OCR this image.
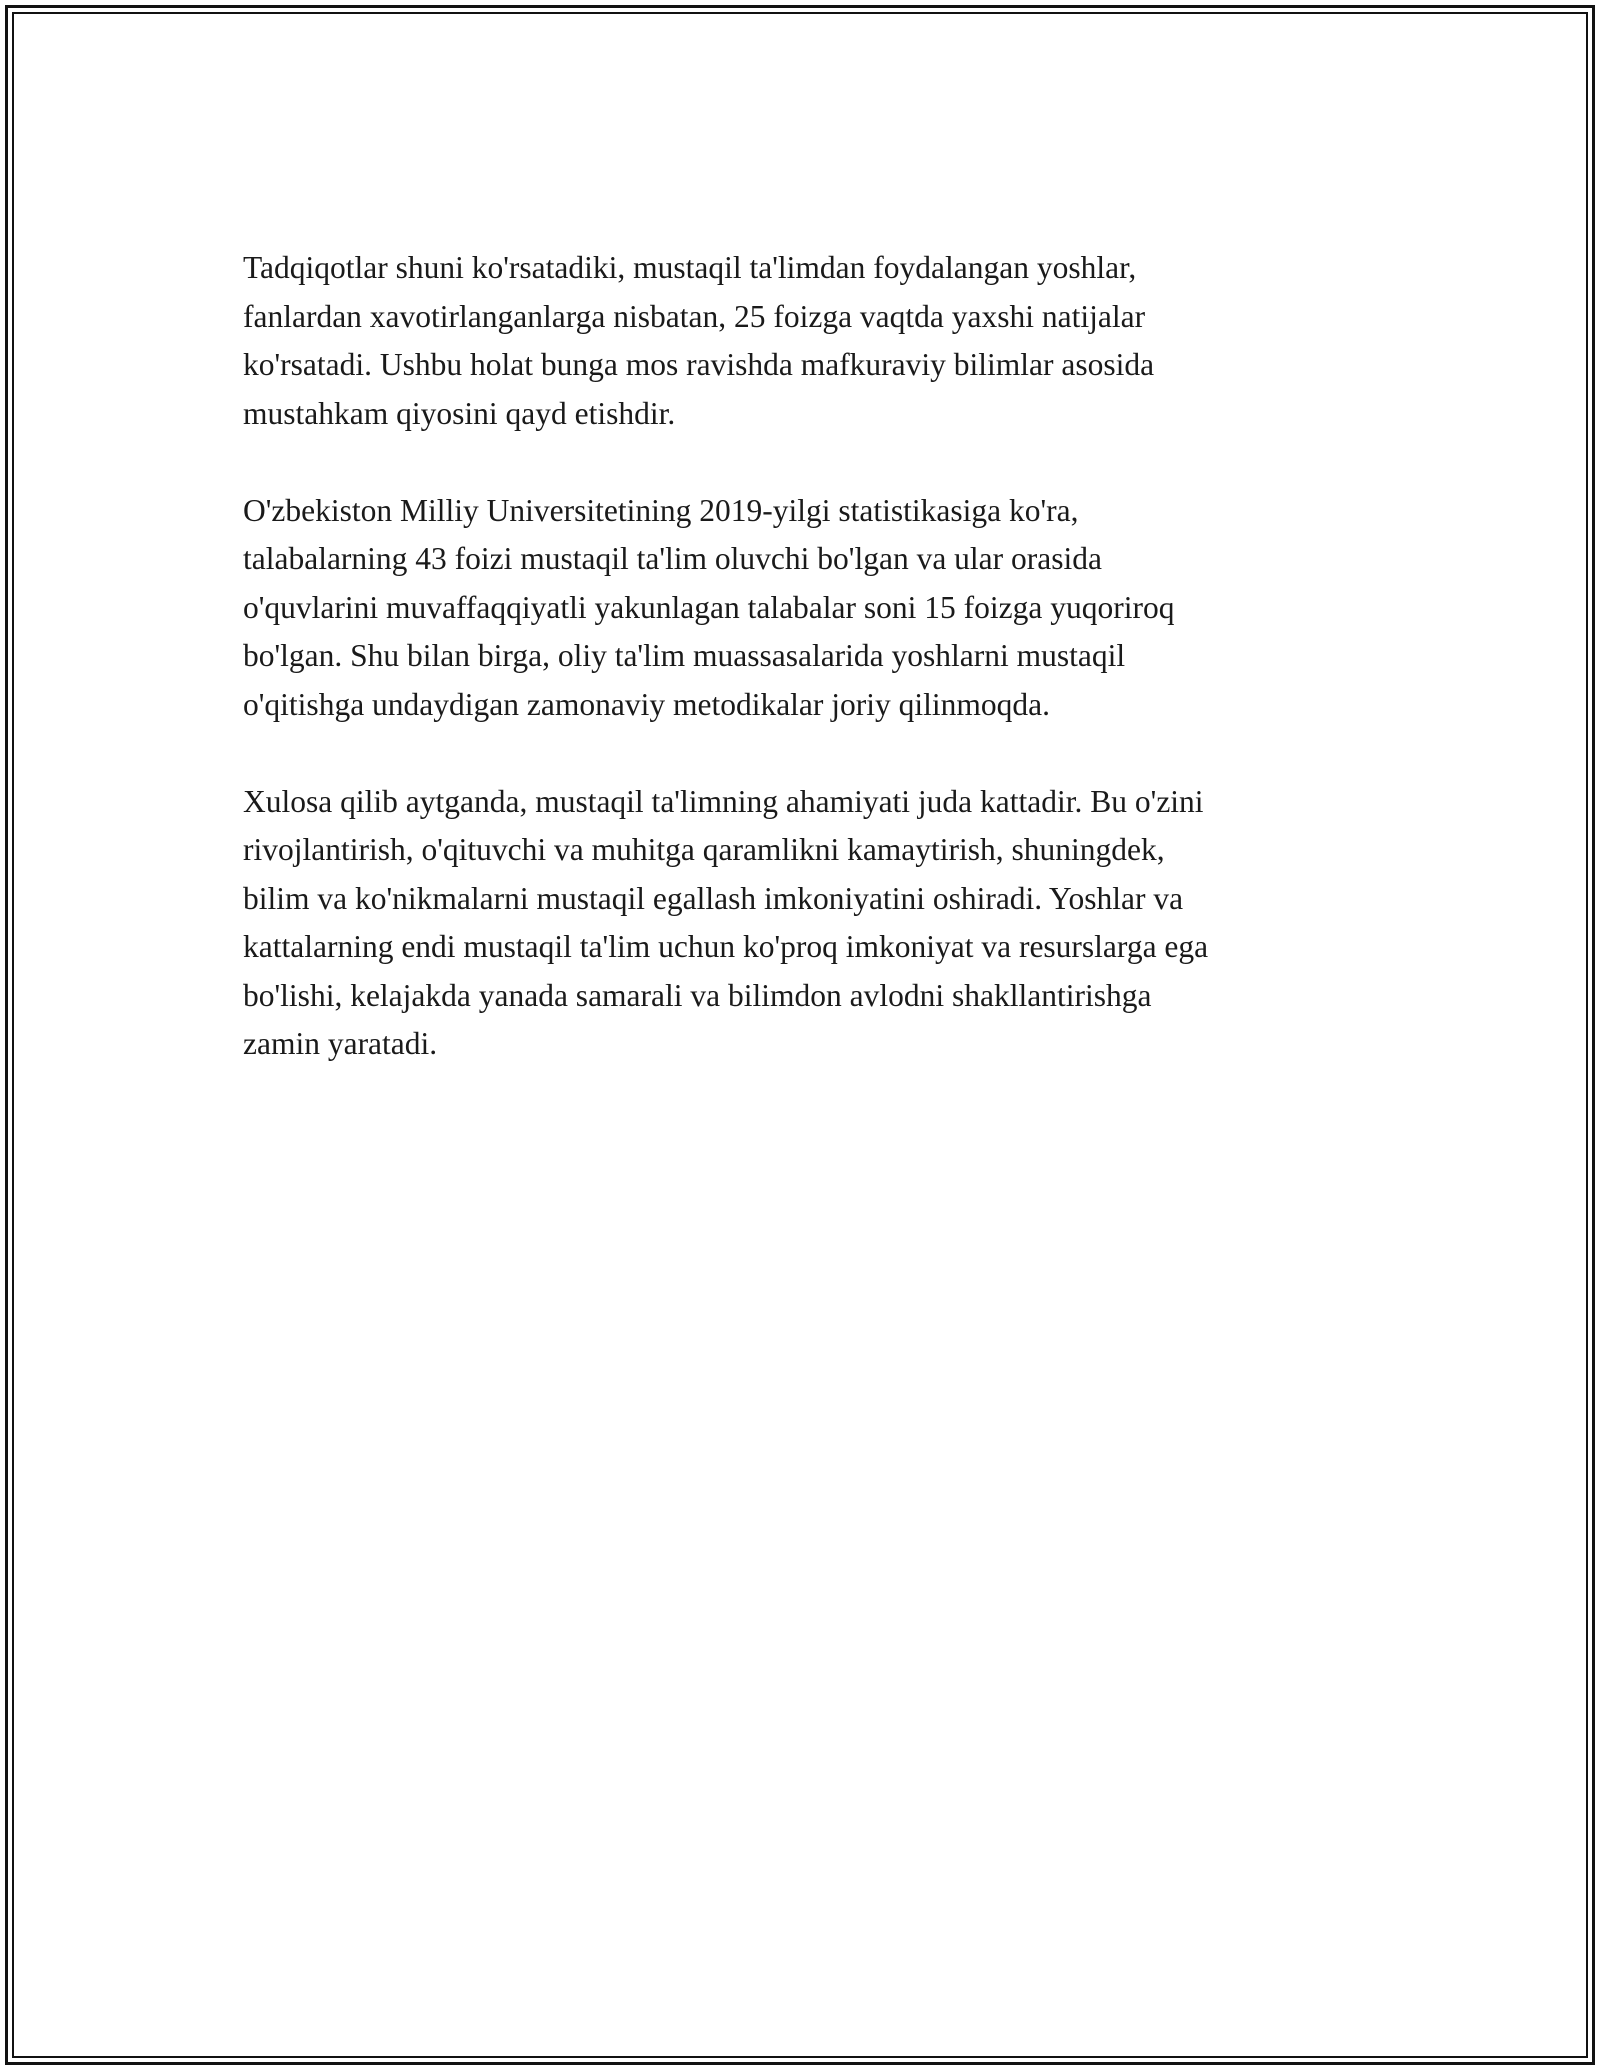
Tadqiqotlar shuni ko'rsatadiki, mustaqil ta'limdan foydalangan yoshlar,
fanlardan xavotirlanganlarga nisbatan, 25 foizga vaqtda yaxshi natijalar
ko'rsatadi. Ushbu holat bunga mos ravishda mafkuraviy bilimlar asosida
mustahkam qiyosini qayd etishdir.

O'zbekiston Milliy Universitetining 2019-yilgi statistikasiga ko'ra,
talabalarning 43 foizi mustaqil ta'lim oluvchi bo'lgan va ular orasida
o'quvlarini muvaffaqqiyatli yakunlagan talabalar soni 15 foizga yuqoriroq
bo'lgan. Shu bilan birga, oliy ta'lim muassasalarida yoshlarni mustaqil
o'qitishga undaydigan zamonaviy metodikalar joriy qilinmoqda.

Xulosa qilib aytganda, mustaqil ta'limning ahamiyati juda kattadir. Bu o'zini
rivojlantirish, o'qituvchi va muhitga qaramlikni kamaytirish, shuningdek,
bilim va ko'nikmalarni mustaqil egallash imkoniyatini oshiradi. Yoshlar va
kattalarning endi mustaqil ta'lim uchun ko'proq imkoniyat va resurslarga ega
bo'lishi, kelajakda yanada samarali va bilimdon avlodni shakllantirishga
zamin yaratadi.
